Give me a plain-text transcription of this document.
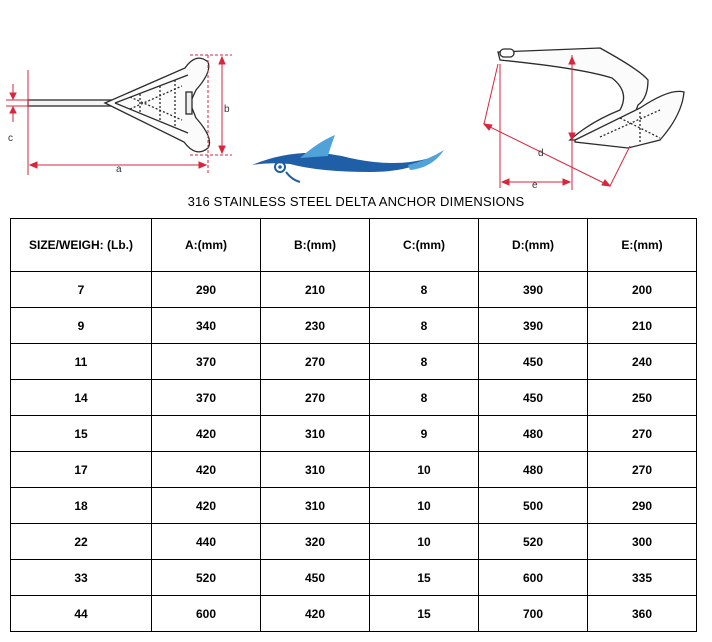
a
b
c
d
e
316 STAINLESS STEEL DELTA ANCHOR DIMENSIONS
SIZE/WEIGH: (Lb.)	A:(mm)	B:(mm)	C:(mm)	D:(mm)	E:(mm)
7	290	210	8	390	200
9	340	230	8	390	210
11	370	270	8	450	240
14	370	270	8	450	250
15	420	310	9	480	270
17	420	310	10	480	270
18	420	310	10	500	290
22	440	320	10	520	300
33	520	450	15	600	335
44	600	420	15	700	360
